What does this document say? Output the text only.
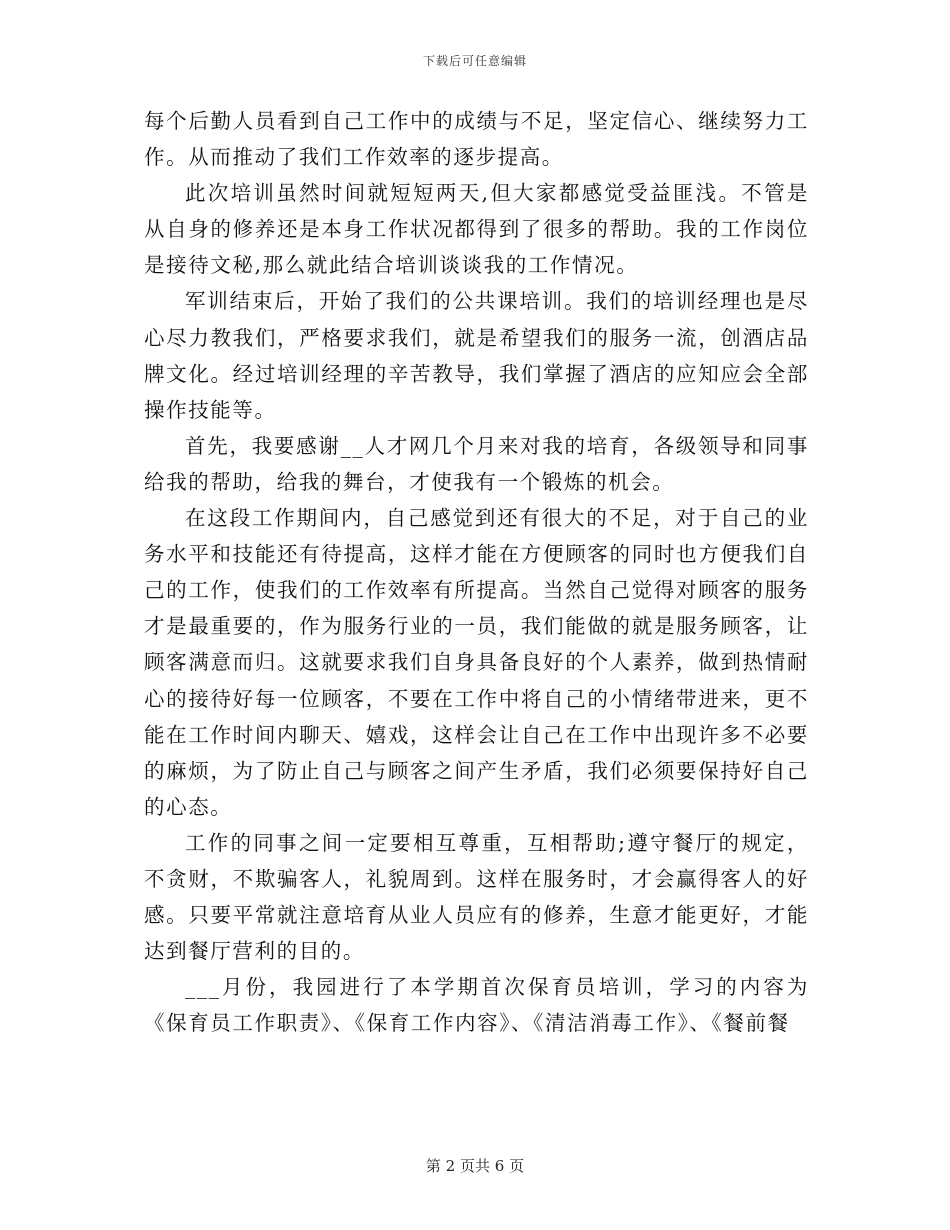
下载后可任意编辑

每个后勤人员看到自己工作中的成绩与不足，坚定信心、继续努力工作。从而推动了我们工作效率的逐步提高。

此次培训虽然时间就短短两天,但大家都感觉受益匪浅。不管是从自身的修养还是本身工作状况都得到了很多的帮助。我的工作岗位是接待文秘,那么就此结合培训谈谈我的工作情况。

军训结束后，开始了我们的公共课培训。我们的培训经理也是尽心尽力教我们，严格要求我们，就是希望我们的服务一流，创酒店品牌文化。经过培训经理的辛苦教导，我们掌握了酒店的应知应会全部操作技能等。

首先，我要感谢__人才网几个月来对我的培育，各级领导和同事给我的帮助，给我的舞台，才使我有一个锻炼的机会。

在这段工作期间内，自己感觉到还有很大的不足，对于自己的业务水平和技能还有待提高，这样才能在方便顾客的同时也方便我们自己的工作，使我们的工作效率有所提高。当然自己觉得对顾客的服务才是最重要的，作为服务行业的一员，我们能做的就是服务顾客，让顾客满意而归。这就要求我们自身具备良好的个人素养，做到热情耐心的接待好每一位顾客，不要在工作中将自己的小情绪带进来，更不能在工作时间内聊天、嬉戏，这样会让自己在工作中出现许多不必要的麻烦，为了防止自己与顾客之间产生矛盾，我们必须要保持好自己的心态。

工作的同事之间一定要相互尊重，互相帮助;遵守餐厅的规定，不贪财，不欺骗客人，礼貌周到。这样在服务时，才会赢得客人的好感。只要平常就注意培育从业人员应有的修养，生意才能更好，才能达到餐厅营利的目的。

___月份，我园进行了本学期首次保育员培训，学习的内容为《保育员工作职责》、《保育工作内容》、《清洁消毒工作》、《餐前餐

第 2 页共 6 页
